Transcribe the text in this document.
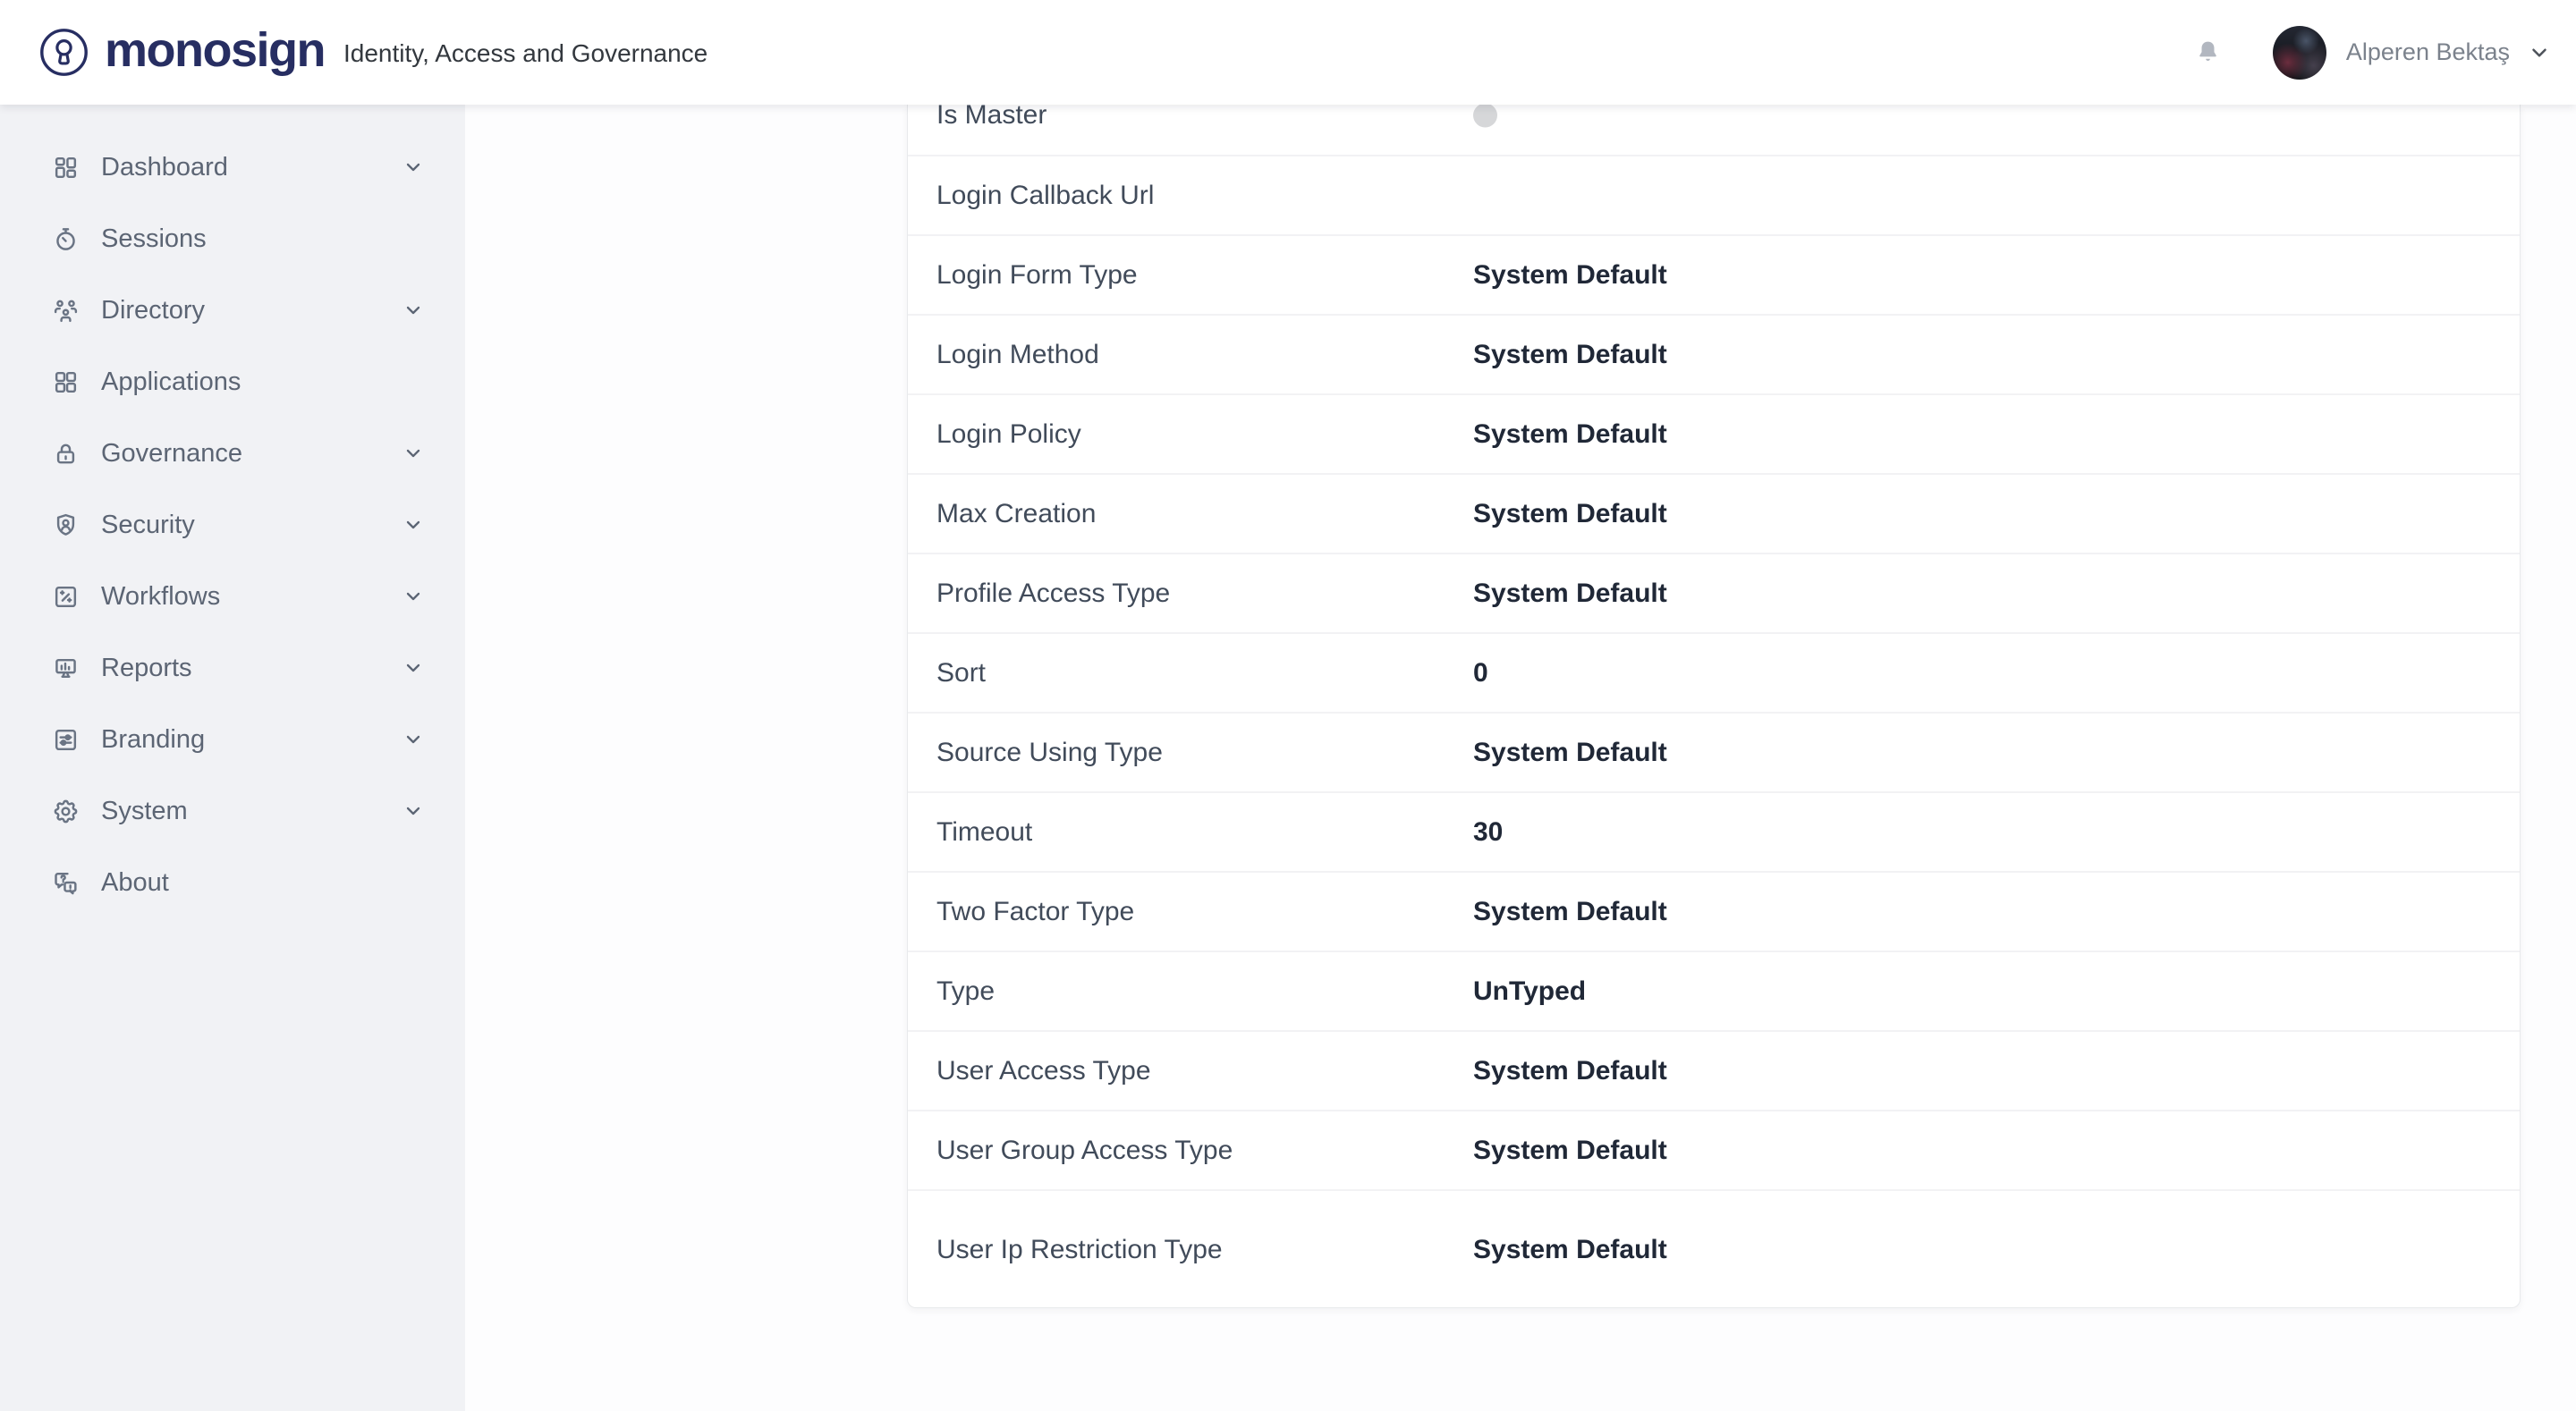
monosign Identity, Access and Governance	Alperen Bektaş
Dashboard
Sessions
Directory
Applications
Governance
Security
Workflows
Reports
Branding
System
About
Is Master
Login Callback Url
Login Form Type	System Default
Login Method	System Default
Login Policy	System Default
Max Creation	System Default
Profile Access Type	System Default
Sort	0
Source Using Type	System Default
Timeout	30
Two Factor Type	System Default
Type	UnTyped
User Access Type	System Default
User Group Access Type	System Default
User Ip Restriction Type	System Default
